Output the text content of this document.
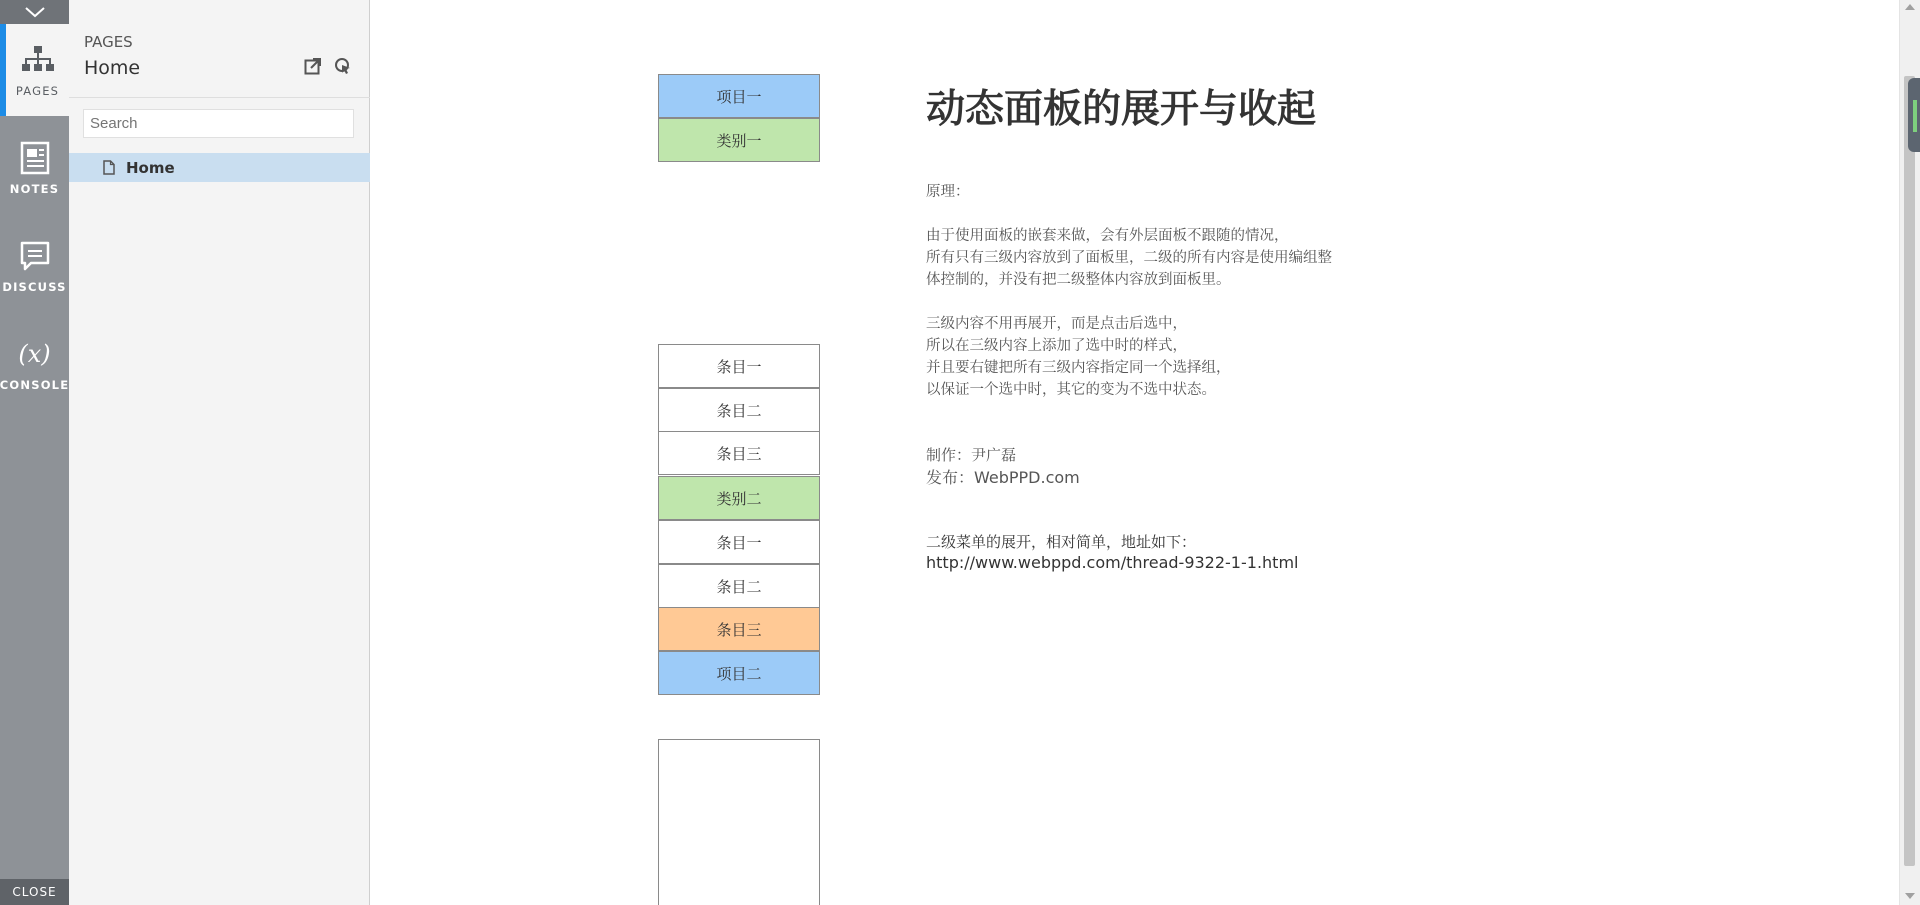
PAGES
NOTES
DISCUSS
(x)
CONSOLE
CLOSE
PAGES
Home
Search
Home
项目一
类别一
条目一
条目二
条目三
类别二
条目一
条目二
条目三
项目二
动态面板的展开与收起
原理：
由于使用面板的嵌套来做，会有外层面板不跟随的情况，
所有只有三级内容放到了面板里，二级的所有内容是使用编组整
体控制的，并没有把二级整体内容放到面板里。
三级内容不用再展开，而是点击后选中，
所以在三级内容上添加了选中时的样式，
并且要右键把所有三级内容指定同一个选择组，
以保证一个选中时，其它的变为不选中状态。
制作：尹广磊
发布：WebPPD.com
二级菜单的展开，相对简单，地址如下：
http://www.webppd.com/thread-9322-1-1.html
